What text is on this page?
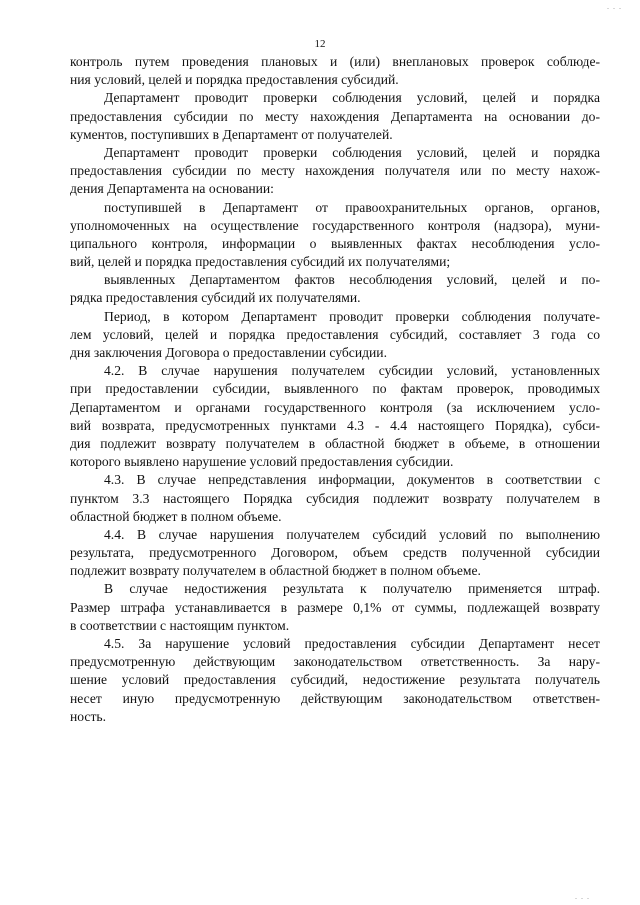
12
. . .
. . .
контроль путем проведения плановых и (или) внеплановых проверок соблюде-
ния условий, целей и порядка предоставления субсидий.
Департамент проводит проверки соблюдения условий, целей и порядка
предоставления субсидии по месту нахождения Департамента на основании до-
кументов, поступивших в Департамент от получателей.
Департамент проводит проверки соблюдения условий, целей и порядка
предоставления субсидии по месту нахождения получателя или по месту нахож-
дения Департамента на основании:
поступившей в Департамент от правоохранительных органов, органов,
уполномоченных на осуществление государственного контроля (надзора), муни-
ципального контроля, информации о выявленных фактах несоблюдения усло-
вий, целей и порядка предоставления субсидий их получателями;
выявленных Департаментом фактов несоблюдения условий, целей и по-
рядка предоставления субсидий их получателями.
Период, в котором Департамент проводит проверки соблюдения получате-
лем условий, целей и порядка предоставления субсидий, составляет 3 года со
дня заключения Договора о предоставлении субсидии.
4.2. В случае нарушения получателем субсидии условий, установленных
при предоставлении субсидии, выявленного по фактам проверок, проводимых
Департаментом и органами государственного контроля (за исключением усло-
вий возврата, предусмотренных пунктами 4.3 - 4.4 настоящего Порядка), субси-
дия подлежит возврату получателем в областной бюджет в объеме, в отношении
которого выявлено нарушение условий предоставления субсидии.
4.3. В случае непредставления информации, документов в соответствии с
пунктом 3.3 настоящего Порядка субсидия подлежит возврату получателем в
областной бюджет в полном объеме.
4.4. В случае нарушения получателем субсидий условий по выполнению
результата, предусмотренного Договором, объем средств полученной субсидии
подлежит возврату получателем в областной бюджет в полном объеме.
В случае недостижения результата к получателю применяется штраф.
Размер штрафа устанавливается в размере 0,1% от суммы, подлежащей возврату
в соответствии с настоящим пунктом.
4.5. За нарушение условий предоставления субсидии Департамент несет
предусмотренную действующим законодательством ответственность. За нару-
шение условий предоставления субсидий, недостижение результата получатель
несет иную предусмотренную действующим законодательством ответствен-
ность.
